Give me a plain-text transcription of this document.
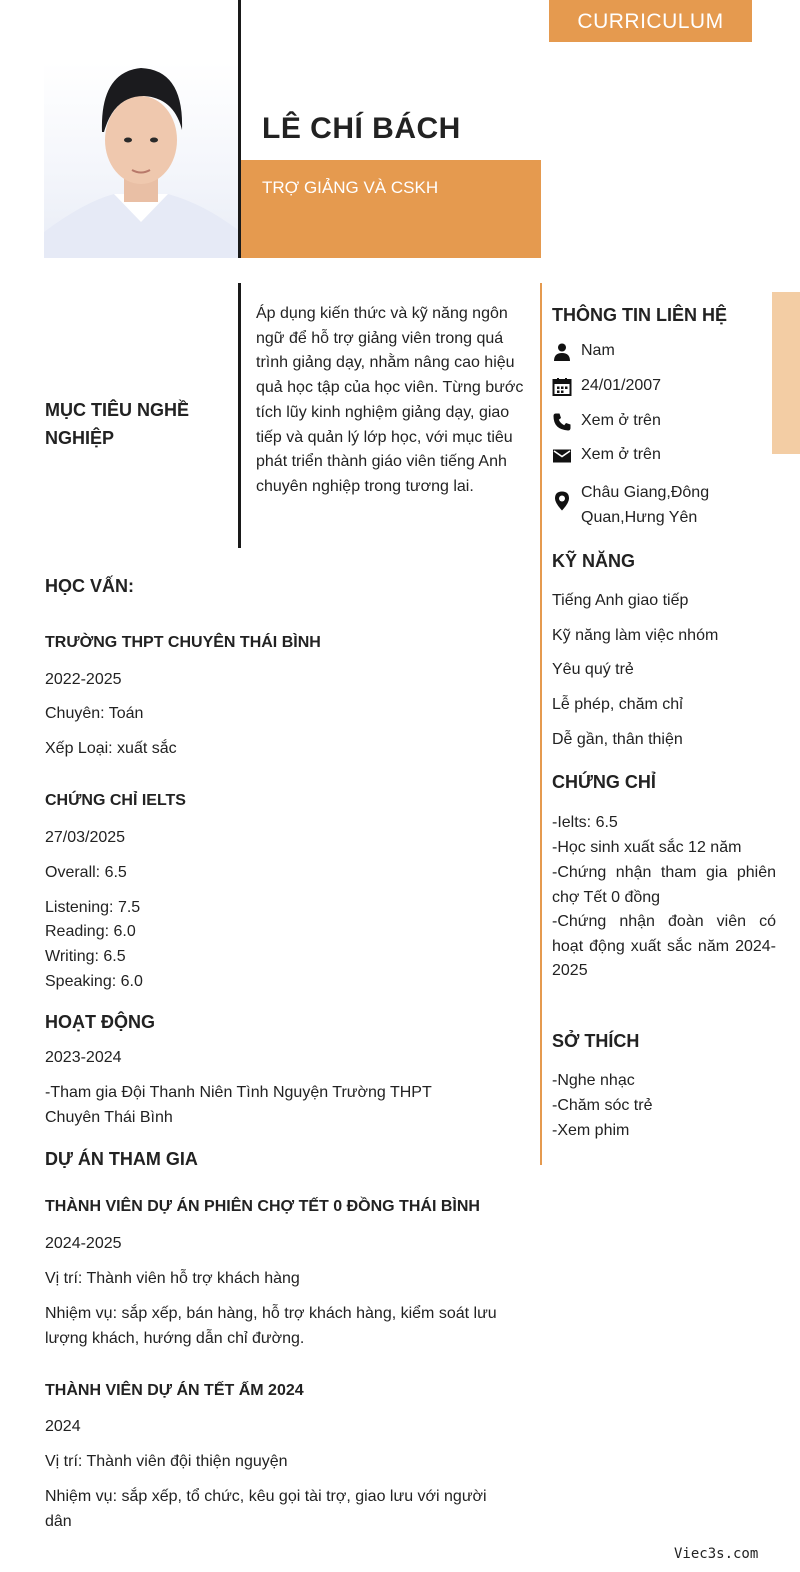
CURRICULUM VITAE
LÊ CHÍ BÁCH
TRỢ GIẢNG VÀ CSKH
MỤC TIÊU NGHỀ NGHIỆP
Áp dụng kiến thức và kỹ năng ngôn ngữ để hỗ trợ giảng viên trong quá trình giảng dạy, nhằm nâng cao hiệu quả học tập của học viên. Từng bước tích lũy kinh nghiệm giảng dạy, giao tiếp và quản lý lớp học, với mục tiêu phát triển thành giáo viên tiếng Anh chuyên nghiệp trong tương lai.
HỌC VẤN:
TRƯỜNG THPT CHUYÊN THÁI BÌNH
2022-2025
Chuyên: Toán
Xếp Loại: xuất sắc
CHỨNG CHỈ IELTS
27/03/2025
Overall: 6.5
Listening: 7.5
Reading: 6.0
Writing: 6.5
Speaking: 6.0
HOẠT ĐỘNG
2023-2024
-Tham gia Đội Thanh Niên Tình Nguyện Trường THPT Chuyên Thái Bình
DỰ ÁN THAM GIA
THÀNH VIÊN DỰ ÁN PHIÊN CHỢ TẾT 0 ĐỒNG THÁI BÌNH
2024-2025
Vị trí: Thành viên hỗ trợ khách hàng
Nhiệm vụ: sắp xếp, bán hàng, hỗ trợ khách hàng, kiểm soát lưu lượng khách, hướng dẫn chỉ đường.
THÀNH VIÊN DỰ ÁN TẾT ẤM 2024
2024
Vị trí: Thành viên đội thiện nguyện
Nhiệm vụ: sắp xếp, tổ chức, kêu gọi tài trợ, giao lưu với người dân
THÔNG TIN LIÊN HỆ
Nam
24/01/2007
Xem ở trên
Xem ở trên
Châu Giang,Đông Quan,Hưng Yên
KỸ NĂNG
Tiếng Anh giao tiếp
Kỹ năng làm việc nhóm
Yêu quý trẻ
Lễ phép, chăm chỉ
Dễ gần, thân thiện
CHỨNG CHỈ
-Ielts: 6.5
-Học sinh xuất sắc 12 năm
-Chứng nhận tham gia phiên chợ Tết 0 đồng
-Chứng nhận đoàn viên có hoạt động xuất sắc năm 2024-2025
SỞ THÍCH
-Nghe nhạc
-Chăm sóc trẻ
-Xem phim
Viec3s.com
